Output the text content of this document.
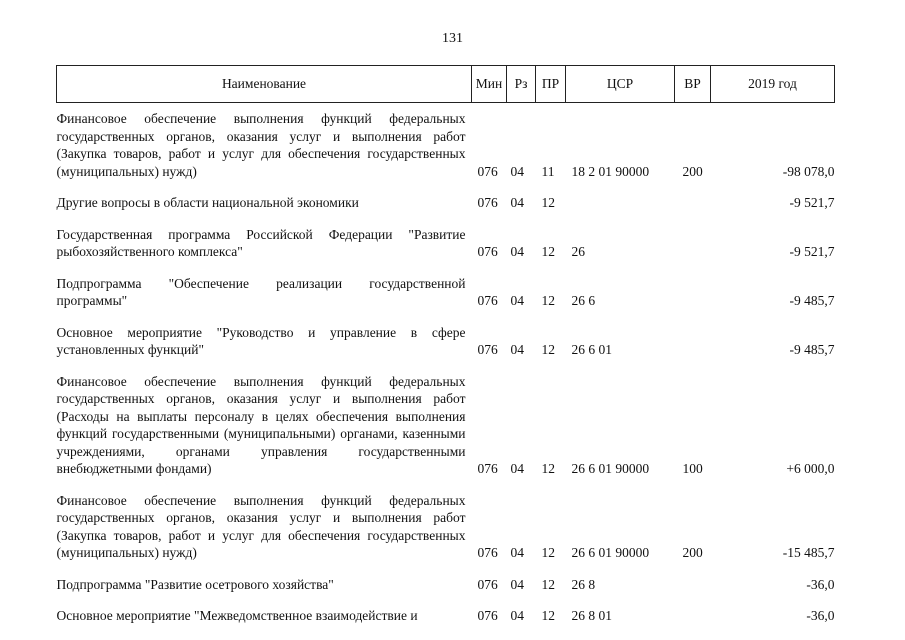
131
Наименование	Мин	Рз	ПР	ЦСР	ВР	2019 год
Финансовое обеспечение выполнения функций федеральных государственных органов, оказания услуг и выполнения работ (Закупка товаров, работ и услуг для обеспечения государственных (муниципальных) нужд)	076	04	11	18 2 01 90000	200	-98 078,0
Другие вопросы в области национальной экономики	076	04	12			-9 521,7
Государственная программа Российской Федерации "Развитие рыбохозяйственного комплекса"	076	04	12	26		-9 521,7
Подпрограмма "Обеспечение реализации государственной программы"	076	04	12	26 6		-9 485,7
Основное мероприятие "Руководство и управление в сфере установленных функций"	076	04	12	26 6 01		-9 485,7
Финансовое обеспечение выполнения функций федеральных государственных органов, оказания услуг и выполнения работ (Расходы на выплаты персоналу в целях обеспечения выполнения функций государственными (муниципальными) органами, казенными учреждениями, органами управления государственными внебюджетными фондами)	076	04	12	26 6 01 90000	100	+6 000,0
Финансовое обеспечение выполнения функций федеральных государственных органов, оказания услуг и выполнения работ (Закупка товаров, работ и услуг для обеспечения государственных (муниципальных) нужд)	076	04	12	26 6 01 90000	200	-15 485,7
Подпрограмма "Развитие осетрового хозяйства"	076	04	12	26 8		-36,0
Основное мероприятие "Межведомственное взаимодействие и	076	04	12	26 8 01		-36,0
